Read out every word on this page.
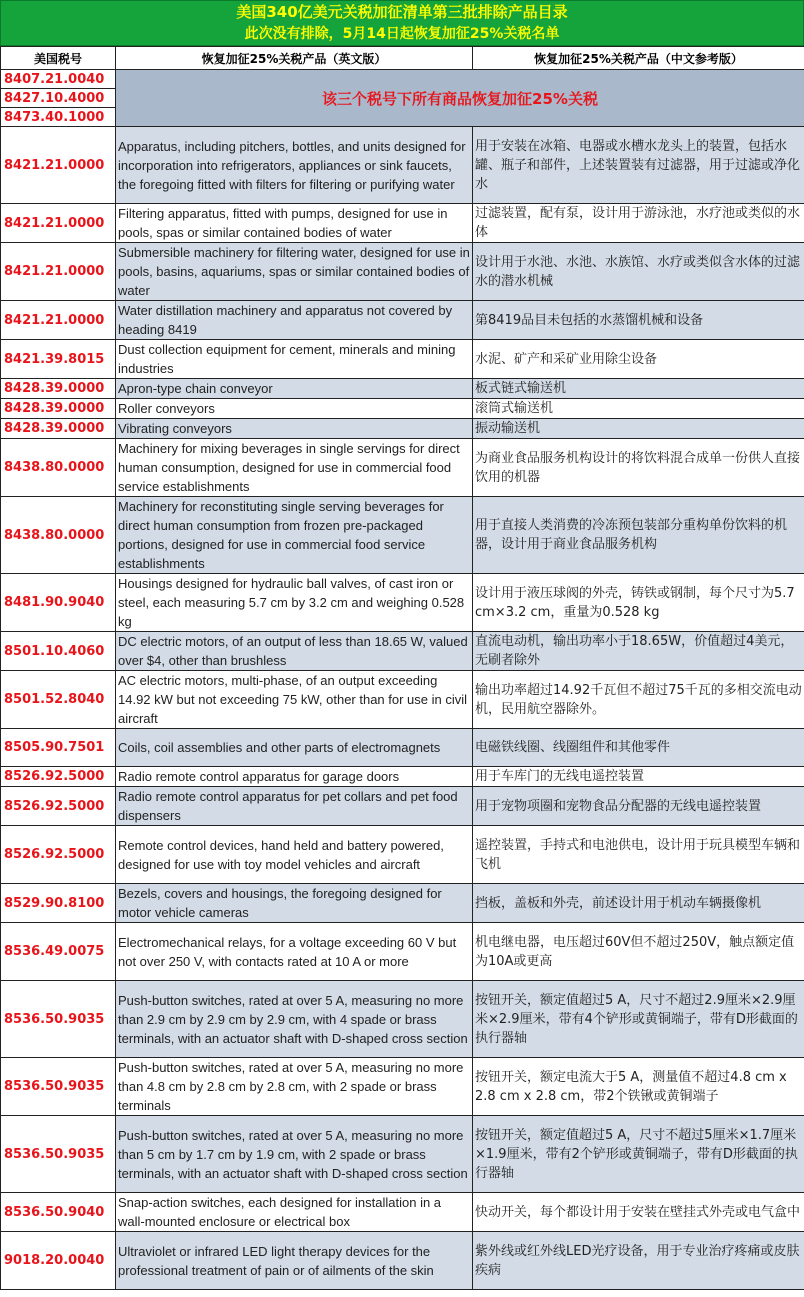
美国340亿美元关税加征清单第三批排除产品目录
此次没有排除，5月14日起恢复加征25%关税名单
美国税号	恢复加征25%关税产品（英文版）	恢复加征25%关税产品（中文参考版）
8407.21.0040	该三个税号下所有商品恢复加征25%关税	
8427.10.4000		
8473.40.1000		
8421.21.0000	Apparatus, including pitchers, bottles, and units designed for incorporation into refrigerators, appliances or sink faucets, the foregoing fitted with filters for filtering or purifying water	用于安装在冰箱、电器或水槽水龙头上的装置，包括水罐、瓶子和部件，上述装置装有过滤器，用于过滤或净化水
8421.21.0000	Filtering apparatus, fitted with pumps, designed for use in pools, spas or similar contained bodies of water	过滤装置，配有泵，设计用于游泳池，水疗池或类似的水体
8421.21.0000	Submersible machinery for filtering water, designed for use in pools, basins, aquariums, spas or similar contained bodies of water	设计用于水池、水池、水族馆、水疗或类似含水体的过滤水的潜水机械
8421.21.0000	Water distillation machinery and apparatus not covered by heading 8419	第8419品目未包括的水蒸馏机械和设备
8421.39.8015	Dust collection equipment for cement, minerals and mining industries	水泥、矿产和采矿业用除尘设备
8428.39.0000	Apron-type chain conveyor	板式链式输送机
8428.39.0000	Roller conveyors	滚筒式输送机
8428.39.0000	Vibrating conveyors	振动输送机
8438.80.0000	Machinery for mixing beverages in single servings for direct human consumption, designed for use in commercial food service establishments	为商业食品服务机构设计的将饮料混合成单一份供人直接饮用的机器
8438.80.0000	Machinery for reconstituting single serving beverages for direct human consumption from frozen pre-packaged portions, designed for use in commercial food service establishments	用于直接人类消费的冷冻预包装部分重构单份饮料的机器，设计用于商业食品服务机构
8481.90.9040	Housings designed for hydraulic ball valves, of cast iron or steel, each measuring 5.7 cm by 3.2 cm and weighing 0.528 kg	设计用于液压球阀的外壳，铸铁或钢制，每个尺寸为5.7 cm×3.2 cm，重量为0.528 kg
8501.10.4060	DC electric motors, of an output of less than 18.65 W, valued over $4, other than brushless	直流电动机，输出功率小于18.65W，价值超过4美元，无刷者除外
8501.52.8040	AC electric motors, multi-phase, of an output exceeding 14.92 kW but not exceeding 75 kW, other than for use in civil aircraft	输出功率超过14.92千瓦但不超过75千瓦的多相交流电动机，民用航空器除外。
8505.90.7501	Coils, coil assemblies and other parts of electromagnets	电磁铁线圈、线圈组件和其他零件
8526.92.5000	Radio remote control apparatus for garage doors	用于车库门的无线电遥控装置
8526.92.5000	Radio remote control apparatus for pet collars and pet food dispensers	用于宠物项圈和宠物食品分配器的无线电遥控装置
8526.92.5000	Remote control devices, hand held and battery powered, designed for use with toy model vehicles and aircraft	遥控装置，手持式和电池供电，设计用于玩具模型车辆和飞机
8529.90.8100	Bezels, covers and housings, the foregoing designed for motor vehicle cameras	挡板，盖板和外壳，前述设计用于机动车辆摄像机
8536.49.0075	Electromechanical relays, for a voltage exceeding 60 V but not over 250 V, with contacts rated at 10 A or more	机电继电器，电压超过60V但不超过250V，触点额定值为10A或更高
8536.50.9035	Push-button switches, rated at over 5 A, measuring no more than 2.9 cm by 2.9 cm by 2.9 cm, with 4 spade or brass terminals, with an actuator shaft with D-shaped cross section	按钮开关，额定值超过5 A，尺寸不超过2.9厘米×2.9厘米×2.9厘米，带有4个铲形或黄铜端子，带有D形截面的执行器轴
8536.50.9035	Push-button switches, rated at over 5 A, measuring no more than 4.8 cm by 2.8 cm by 2.8 cm, with 2 spade or brass terminals	按钮开关，额定电流大于5 A，测量值不超过4.8 cm x 2.8 cm x 2.8 cm，带2个铁锹或黄铜端子
8536.50.9035	Push-button switches, rated at over 5 A, measuring no more than 5 cm by 1.7 cm by 1.9 cm, with 2 spade or brass terminals, with an actuator shaft with D-shaped cross section	按钮开关，额定值超过5 A，尺寸不超过5厘米×1.7厘米×1.9厘米，带有2个铲形或黄铜端子，带有D形截面的执行器轴
8536.50.9040	Snap-action switches, each designed for installation in a wall-mounted enclosure or electrical box	快动开关，每个都设计用于安装在壁挂式外壳或电气盒中
9018.20.0040	Ultraviolet or infrared LED light therapy devices for the professional treatment of pain or of ailments of the skin	紫外线或红外线LED光疗设备，用于专业治疗疼痛或皮肤疾病
